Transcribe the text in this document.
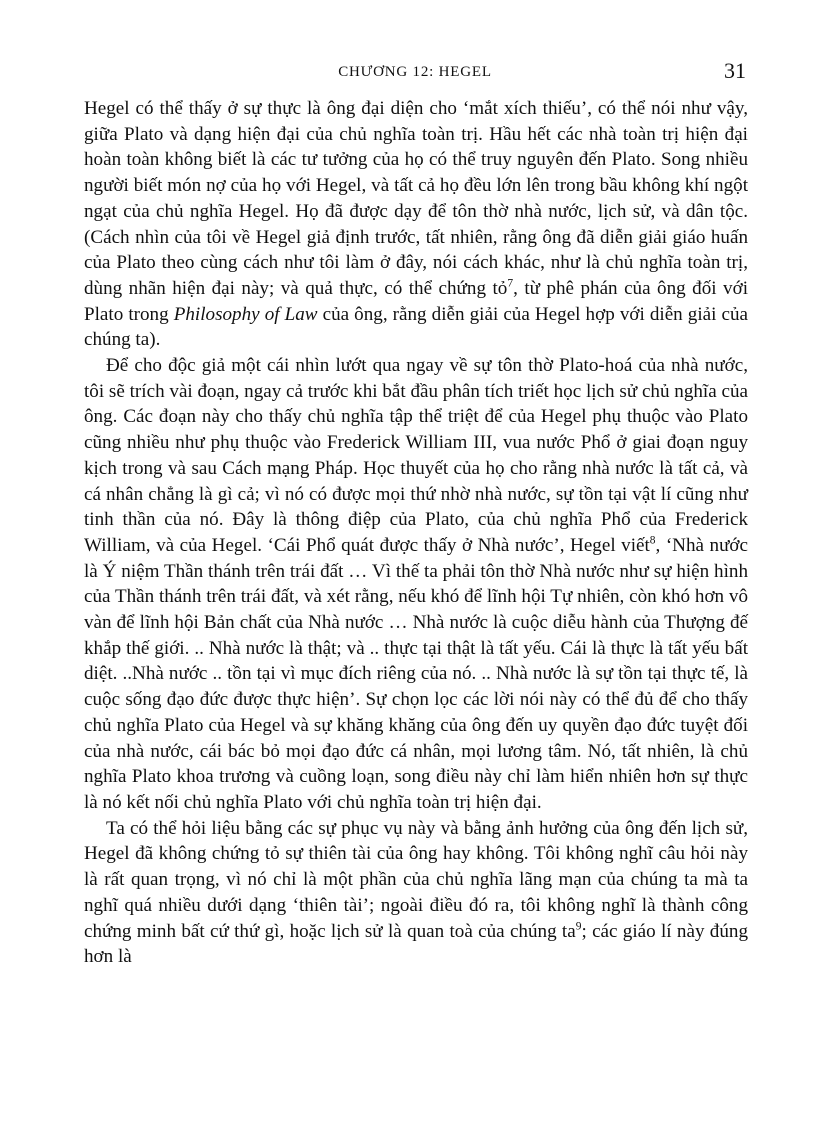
CHƯƠNG 12: HEGEL	31

Hegel có thể thấy ở sự thực là ông đại diện cho ‘mắt xích thiếu’, có thể nói như vậy, giữa Plato và dạng hiện đại của chủ nghĩa toàn trị. Hầu hết các nhà toàn trị hiện đại hoàn toàn không biết là các tư tưởng của họ có thể truy nguyên đến Plato. Song nhiều người biết món nợ của họ với Hegel, và tất cả họ đều lớn lên trong bầu không khí ngột ngạt của chủ nghĩa Hegel. Họ đã được dạy để tôn thờ nhà nước, lịch sử, và dân tộc. (Cách nhìn của tôi về Hegel giả định trước, tất nhiên, rằng ông đã diễn giải giáo huấn của Plato theo cùng cách như tôi làm ở đây, nói cách khác, như là chủ nghĩa toàn trị, dùng nhãn hiện đại này; và quả thực, có thể chứng tỏ$^7$, từ phê phán của ông đối với Plato trong Philosophy of Law của ông, rằng diễn giải của Hegel hợp với diễn giải của chúng ta).

Để cho độc giả một cái nhìn lướt qua ngay về sự tôn thờ Plato-hoá của nhà nước, tôi sẽ trích vài đoạn, ngay cả trước khi bắt đầu phân tích triết học lịch sử chủ nghĩa của ông. Các đoạn này cho thấy chủ nghĩa tập thể triệt để của Hegel phụ thuộc vào Plato cũng nhiều như phụ thuộc vào Frederick William III, vua nước Phổ ở giai đoạn nguy kịch trong và sau Cách mạng Pháp. Học thuyết của họ cho rằng nhà nước là tất cả, và cá nhân chẳng là gì cả; vì nó có được mọi thứ nhờ nhà nước, sự tồn tại vật lí cũng như tinh thần của nó. Đây là thông điệp của Plato, của chủ nghĩa Phổ của Frederick William, và của Hegel. ‘Cái Phổ quát được thấy ở Nhà nước’, Hegel viết$^8$, ‘Nhà nước là Ý niệm Thần thánh trên trái đất … Vì thế ta phải tôn thờ Nhà nước như sự hiện hình của Thần thánh trên trái đất, và xét rằng, nếu khó để lĩnh hội Tự nhiên, còn khó hơn vô vàn để lĩnh hội Bản chất của Nhà nước … Nhà nước là cuộc diễu hành của Thượng đế khắp thế giới. .. Nhà nước là thật; và .. thực tại thật là tất yếu. Cái là thực là tất yếu bất diệt. ..Nhà nước .. tồn tại vì mục đích riêng của nó. .. Nhà nước là sự tồn tại thực tế, là cuộc sống đạo đức được thực hiện’. Sự chọn lọc các lời nói này có thể đủ để cho thấy chủ nghĩa Plato của Hegel và sự khăng khăng của ông đến uy quyền đạo đức tuyệt đối của nhà nước, cái bác bỏ mọi đạo đức cá nhân, mọi lương tâm. Nó, tất nhiên, là chủ nghĩa Plato khoa trương và cuồng loạn, song điều này chỉ làm hiển nhiên hơn sự thực là nó kết nối chủ nghĩa Plato với chủ nghĩa toàn trị hiện đại.

Ta có thể hỏi liệu bằng các sự phục vụ này và bằng ảnh hưởng của ông đến lịch sử, Hegel đã không chứng tỏ sự thiên tài của ông hay không. Tôi không nghĩ câu hỏi này là rất quan trọng, vì nó chỉ là một phần của chủ nghĩa lãng mạn của chúng ta mà ta nghĩ quá nhiều dưới dạng ‘thiên tài’; ngoài điều đó ra, tôi không nghĩ là thành công chứng minh bất cứ thứ gì, hoặc lịch sử là quan toà của chúng $ta^9$; các giáo lí này đúng hơn là
